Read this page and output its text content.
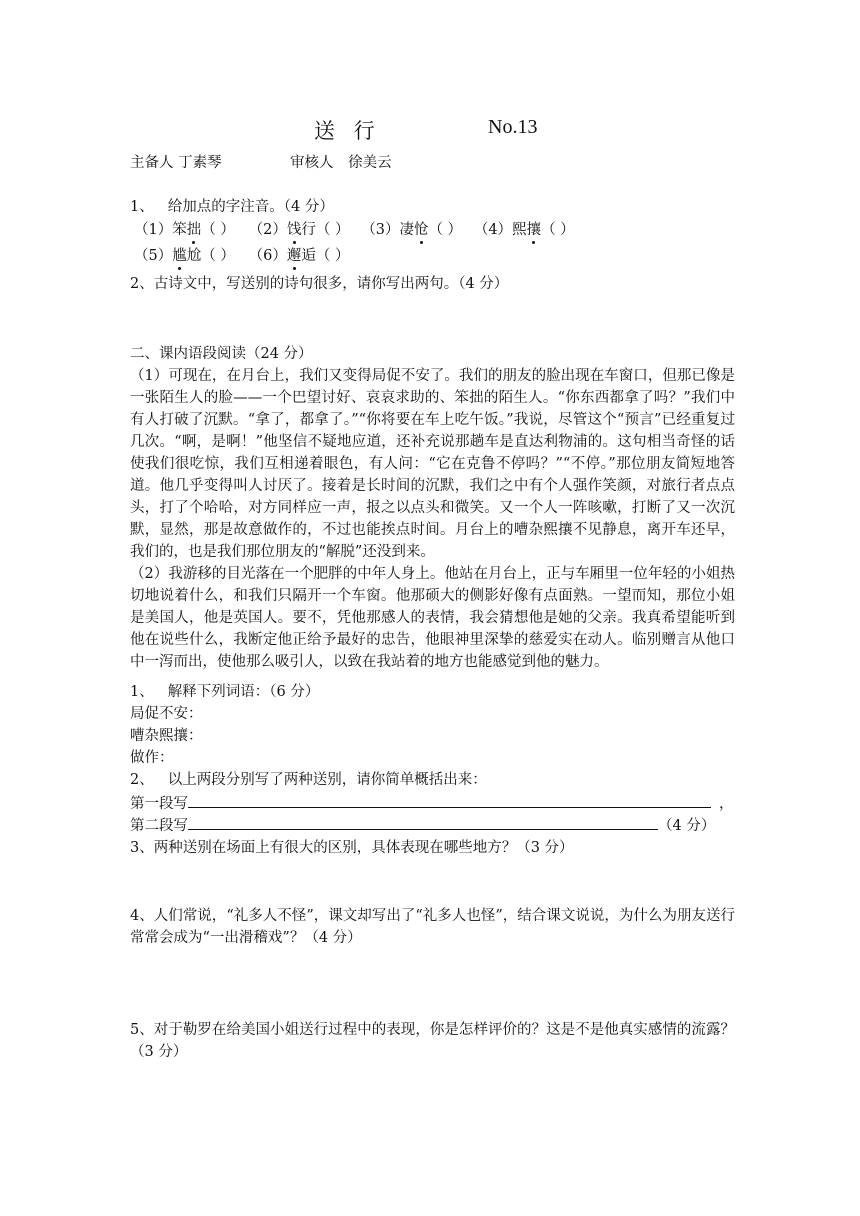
送 行	No.13
主备人 丁素琴	审核人 徐美云
1、 给加点的字注音。（4 分）
（1）笨拙（ ） （2）饯行（ ） （3）凄怆（ ） （4）熙攘（ ）
（5）尴尬（ ） （6）邂逅（ ）
2、古诗文中，写送别的诗句很多，请你写出两句。（4 分）
二、课内语段阅读（24 分）
（1）可现在，在月台上，我们又变得局促不安了。我们的朋友的脸出现在车窗口，但那已像是一张陌生人的脸——一个巴望讨好、哀哀求助的、笨拙的陌生人。“你东西都拿了吗？”我们中有人打破了沉默。“拿了，都拿了。”“你将要在车上吃午饭。”我说，尽管这个“预言”已经重复过几次。“啊，是啊！”他坚信不疑地应道，还补充说那趟车是直达利物浦的。这句相当奇怪的话使我们很吃惊，我们互相递着眼色，有人问：“它在克鲁不停吗？”“不停。”那位朋友简短地答道。他几乎变得叫人讨厌了。接着是长时间的沉默，我们之中有个人强作笑颜，对旅行者点点头，打了个哈哈，对方同样应一声，报之以点头和微笑。又一个人一阵咳嗽，打断了又一次沉默，显然，那是故意做作的，不过也能挨点时间。月台上的嘈杂熙攘不见静息，离开车还早，我们的，也是我们那位朋友的“解脱”还没到来。
（2）我游移的目光落在一个肥胖的中年人身上。他站在月台上，正与车厢里一位年轻的小姐热切地说着什么，和我们只隔开一个车窗。他那硕大的侧影好像有点面熟。一望而知，那位小姐是美国人，他是英国人。要不，凭他那感人的表情，我会猜想他是她的父亲。我真希望能听到他在说些什么，我断定他正给予最好的忠告，他眼神里深挚的慈爱实在动人。临别赠言从他口中一泻而出，使他那么吸引人，以致在我站着的地方也能感觉到他的魅力。
1、 解释下列词语：（6 分）
局促不安：
嘈杂熙攘：
做作：
2、 以上两段分别写了两种送别，请你简单概括出来：
第一段写	，
第二段写	（4 分）
3、两种送别在场面上有很大的区别，具体表现在哪些地方？（3 分）
4、人们常说，“礼多人不怪”，课文却写出了“礼多人也怪”，结合课文说说，为什么为朋友送行常常会成为“一出滑稽戏”？（4 分）
5、对于勒罗在给美国小姐送行过程中的表现，你是怎样评价的？这是不是他真实感情的流露？ （3 分）
